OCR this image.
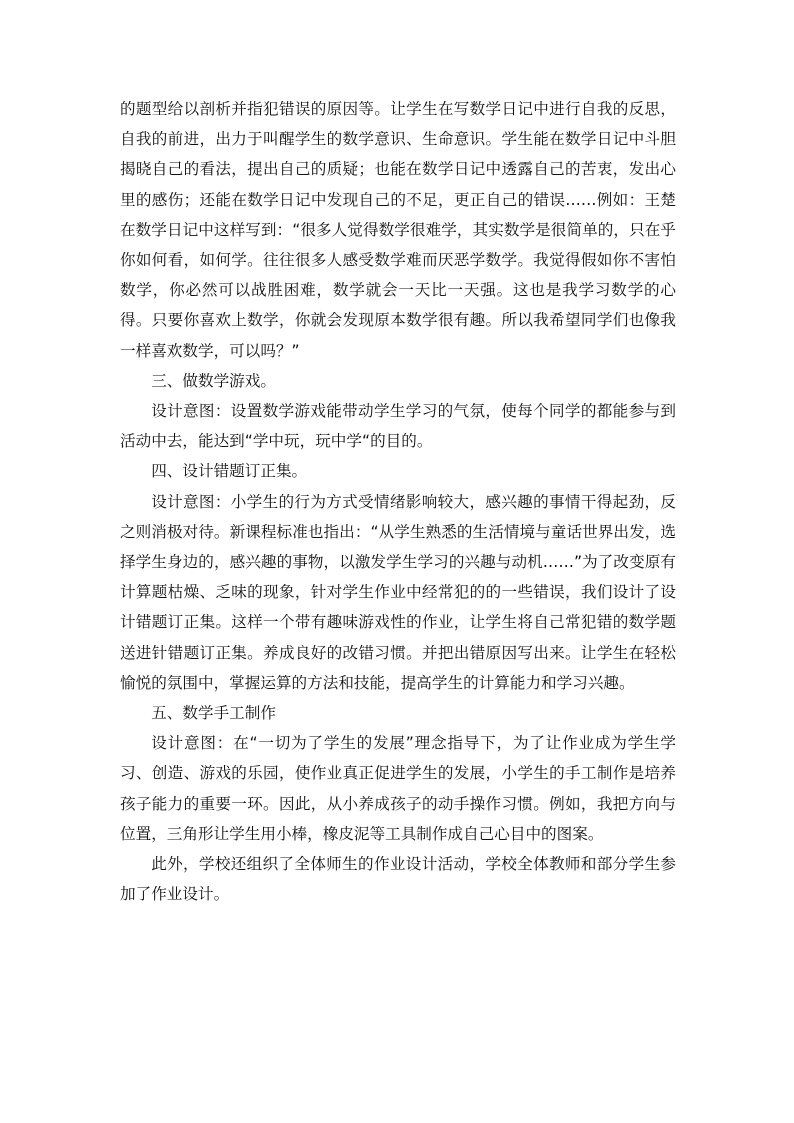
的题型给以剖析并指犯错误的原因等。让学生在写数学日记中进行自我的反思，自我的前进，出力于叫醒学生的数学意识、生命意识。学生能在数学日记中斗胆揭晓自己的看法，提出自己的质疑；也能在数学日记中透露自己的苦衷，发出心里的感伤；还能在数学日记中发现自己的不足，更正自己的错误……例如：王楚在数学日记中这样写到：“很多人觉得数学很难学，其实数学是很简单的，只在乎你如何看，如何学。往往很多人感受数学难而厌恶学数学。我觉得假如你不害怕数学，你必然可以战胜困难，数学就会一天比一天强。这也是我学习数学的心得。只要你喜欢上数学，你就会发现原本数学很有趣。所以我希望同学们也像我一样喜欢数学，可以吗？”

三、做数学游戏。

设计意图：设置数学游戏能带动学生学习的气氛，使每个同学的都能参与到活动中去，能达到“学中玩，玩中学“的目的。

四、设计错题订正集。

设计意图：小学生的行为方式受情绪影响较大，感兴趣的事情干得起劲，反之则消极对待。新课程标准也指出：“从学生熟悉的生活情境与童话世界出发，选择学生身边的，感兴趣的事物，以激发学生学习的兴趣与动机……”为了改变原有计算题枯燥、乏味的现象，针对学生作业中经常犯的的一些错误，我们设计了设计错题订正集。这样一个带有趣味游戏性的作业，让学生将自己常犯错的数学题送进针错题订正集。养成良好的改错习惯。并把出错原因写出来。让学生在轻松愉悦的氛围中，掌握运算的方法和技能，提高学生的计算能力和学习兴趣。

五、数学手工制作

设计意图：在“一切为了学生的发展”理念指导下，为了让作业成为学生学习、创造、游戏的乐园，使作业真正促进学生的发展，小学生的手工制作是培养孩子能力的重要一环。因此，从小养成孩子的动手操作习惯。例如，我把方向与位置，三角形让学生用小棒，橡皮泥等工具制作成自己心目中的图案。

此外，学校还组织了全体师生的作业设计活动，学校全体教师和部分学生参加了作业设计。
